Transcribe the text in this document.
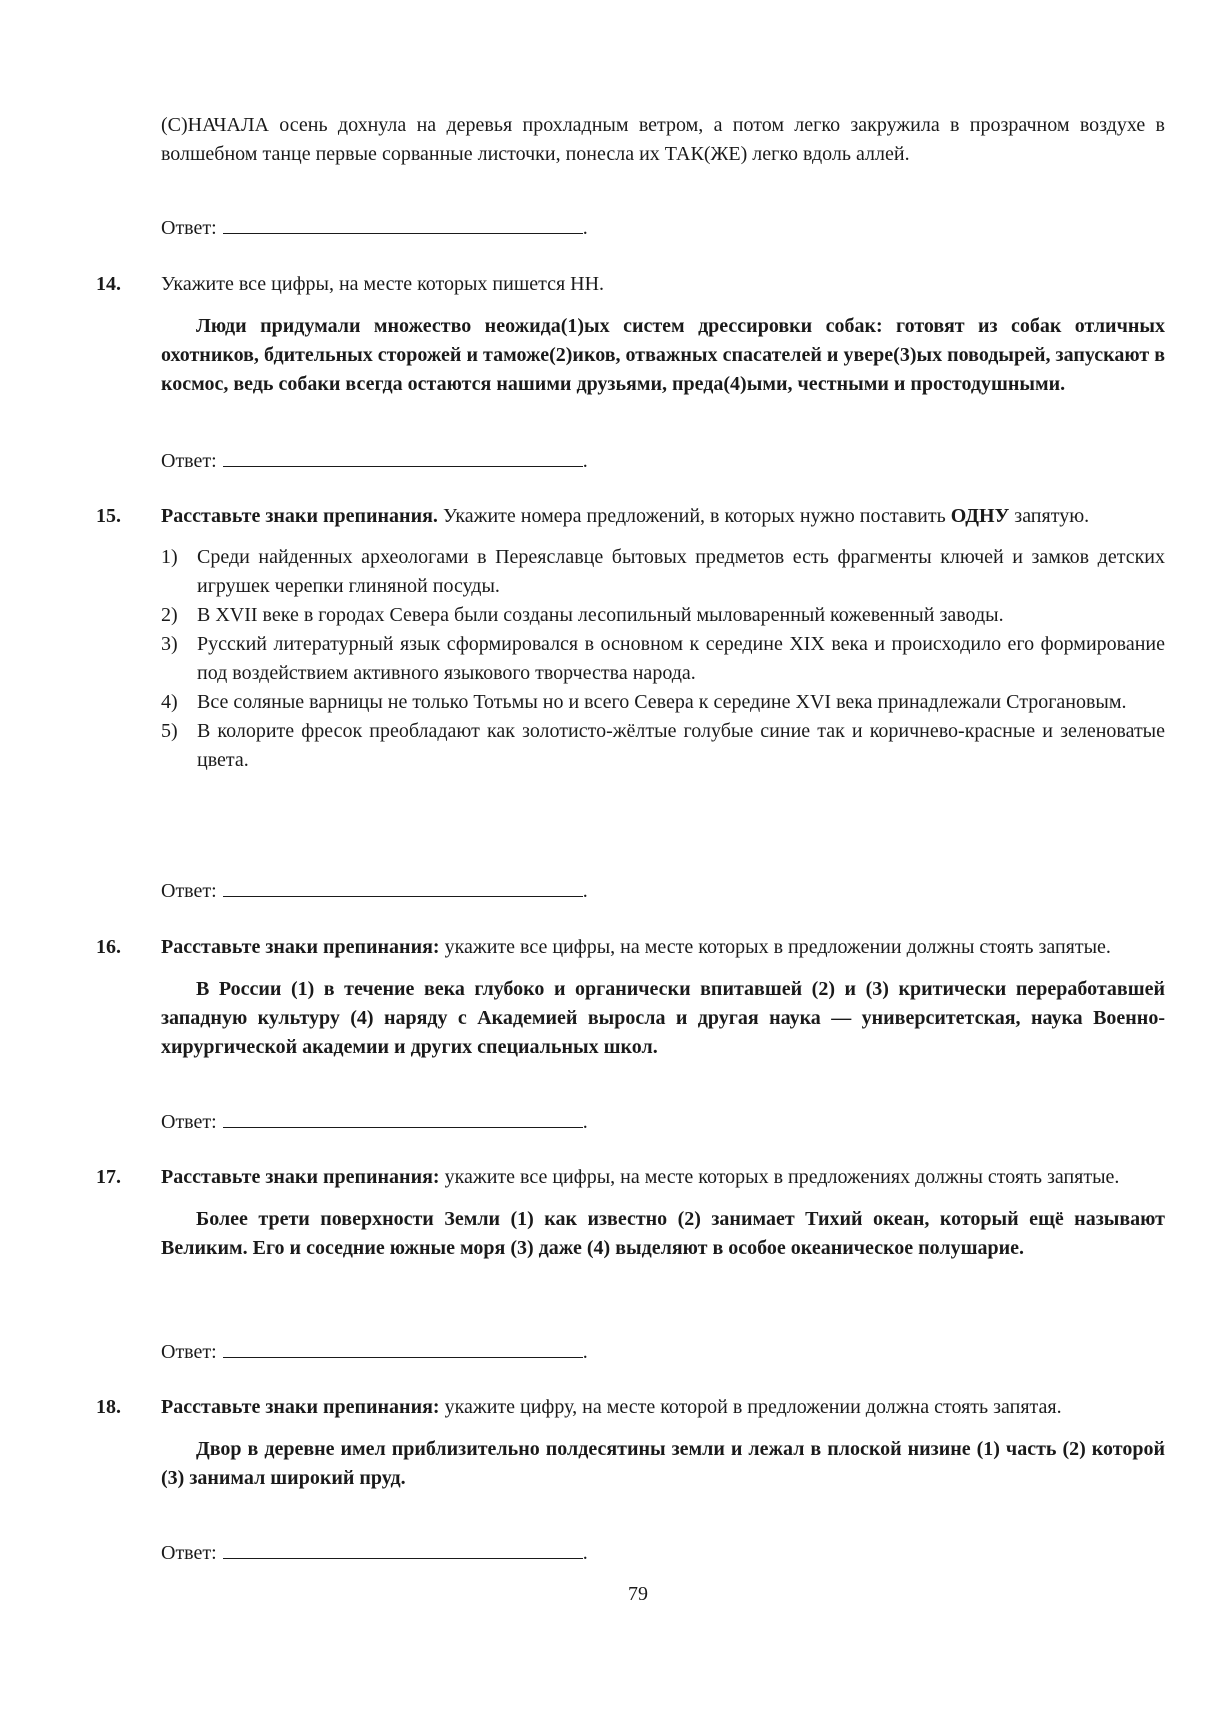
(С)НАЧАЛА осень дохнула на деревья прохладным ветром, а потом легко закружила в прозрачном воздухе в волшебном танце первые сорванные листочки, понесла их ТАК(ЖЕ) легко вдоль аллей.
Ответ:	.
14. Укажите все цифры, на месте которых пишется НН.
Люди придумали множество неожида(1)ых систем дрессировки собак: готовят из собак отличных охотников, бдительных сторожей и таможе(2)иков, отважных спасателей и увере(3)ых поводырей, запускают в космос, ведь собаки всегда остаются нашими друзьями, преда(4)ыми, честными и простодушными.
Ответ:	.
15. Расставьте знаки препинания. Укажите номера предложений, в которых нужно поставить ОДНУ запятую.
1) Среди найденных археологами в Переяславце бытовых предметов есть фрагменты ключей и замков детских игрушек черепки глиняной посуды.
2) В XVII веке в городах Севера были созданы лесопильный мыловаренный кожевенный заводы.
3) Русский литературный язык сформировался в основном к середине XIX века и происходило его формирование под воздействием активного языкового творчества народа.
4) Все соляные варницы не только Тотьмы но и всего Севера к середине XVI века принадлежали Строгановым.
5) В колорите фресок преобладают как золотисто-жёлтые голубые синие так и коричнево-красные и зеленоватые цвета.
Ответ:	.
16. Расставьте знаки препинания: укажите все цифры, на месте которых в предложении должны стоять запятые.
В России (1) в течение века глубоко и органически впитавшей (2) и (3) критически переработавшей западную культуру (4) наряду с Академией выросла и другая наука — университетская, наука Военно-хирургической академии и других специальных школ.
Ответ:	.
17. Расставьте знаки препинания: укажите все цифры, на месте которых в предложениях должны стоять запятые.
Более трети поверхности Земли (1) как известно (2) занимает Тихий океан, который ещё называют Великим. Его и соседние южные моря (3) даже (4) выделяют в особое океаническое полушарие.
Ответ:	.
18. Расставьте знаки препинания: укажите цифру, на месте которой в предложении должна стоять запятая.
Двор в деревне имел приблизительно полдесятины земли и лежал в плоской низине (1) часть (2) которой (3) занимал широкий пруд.
Ответ:	.
79
